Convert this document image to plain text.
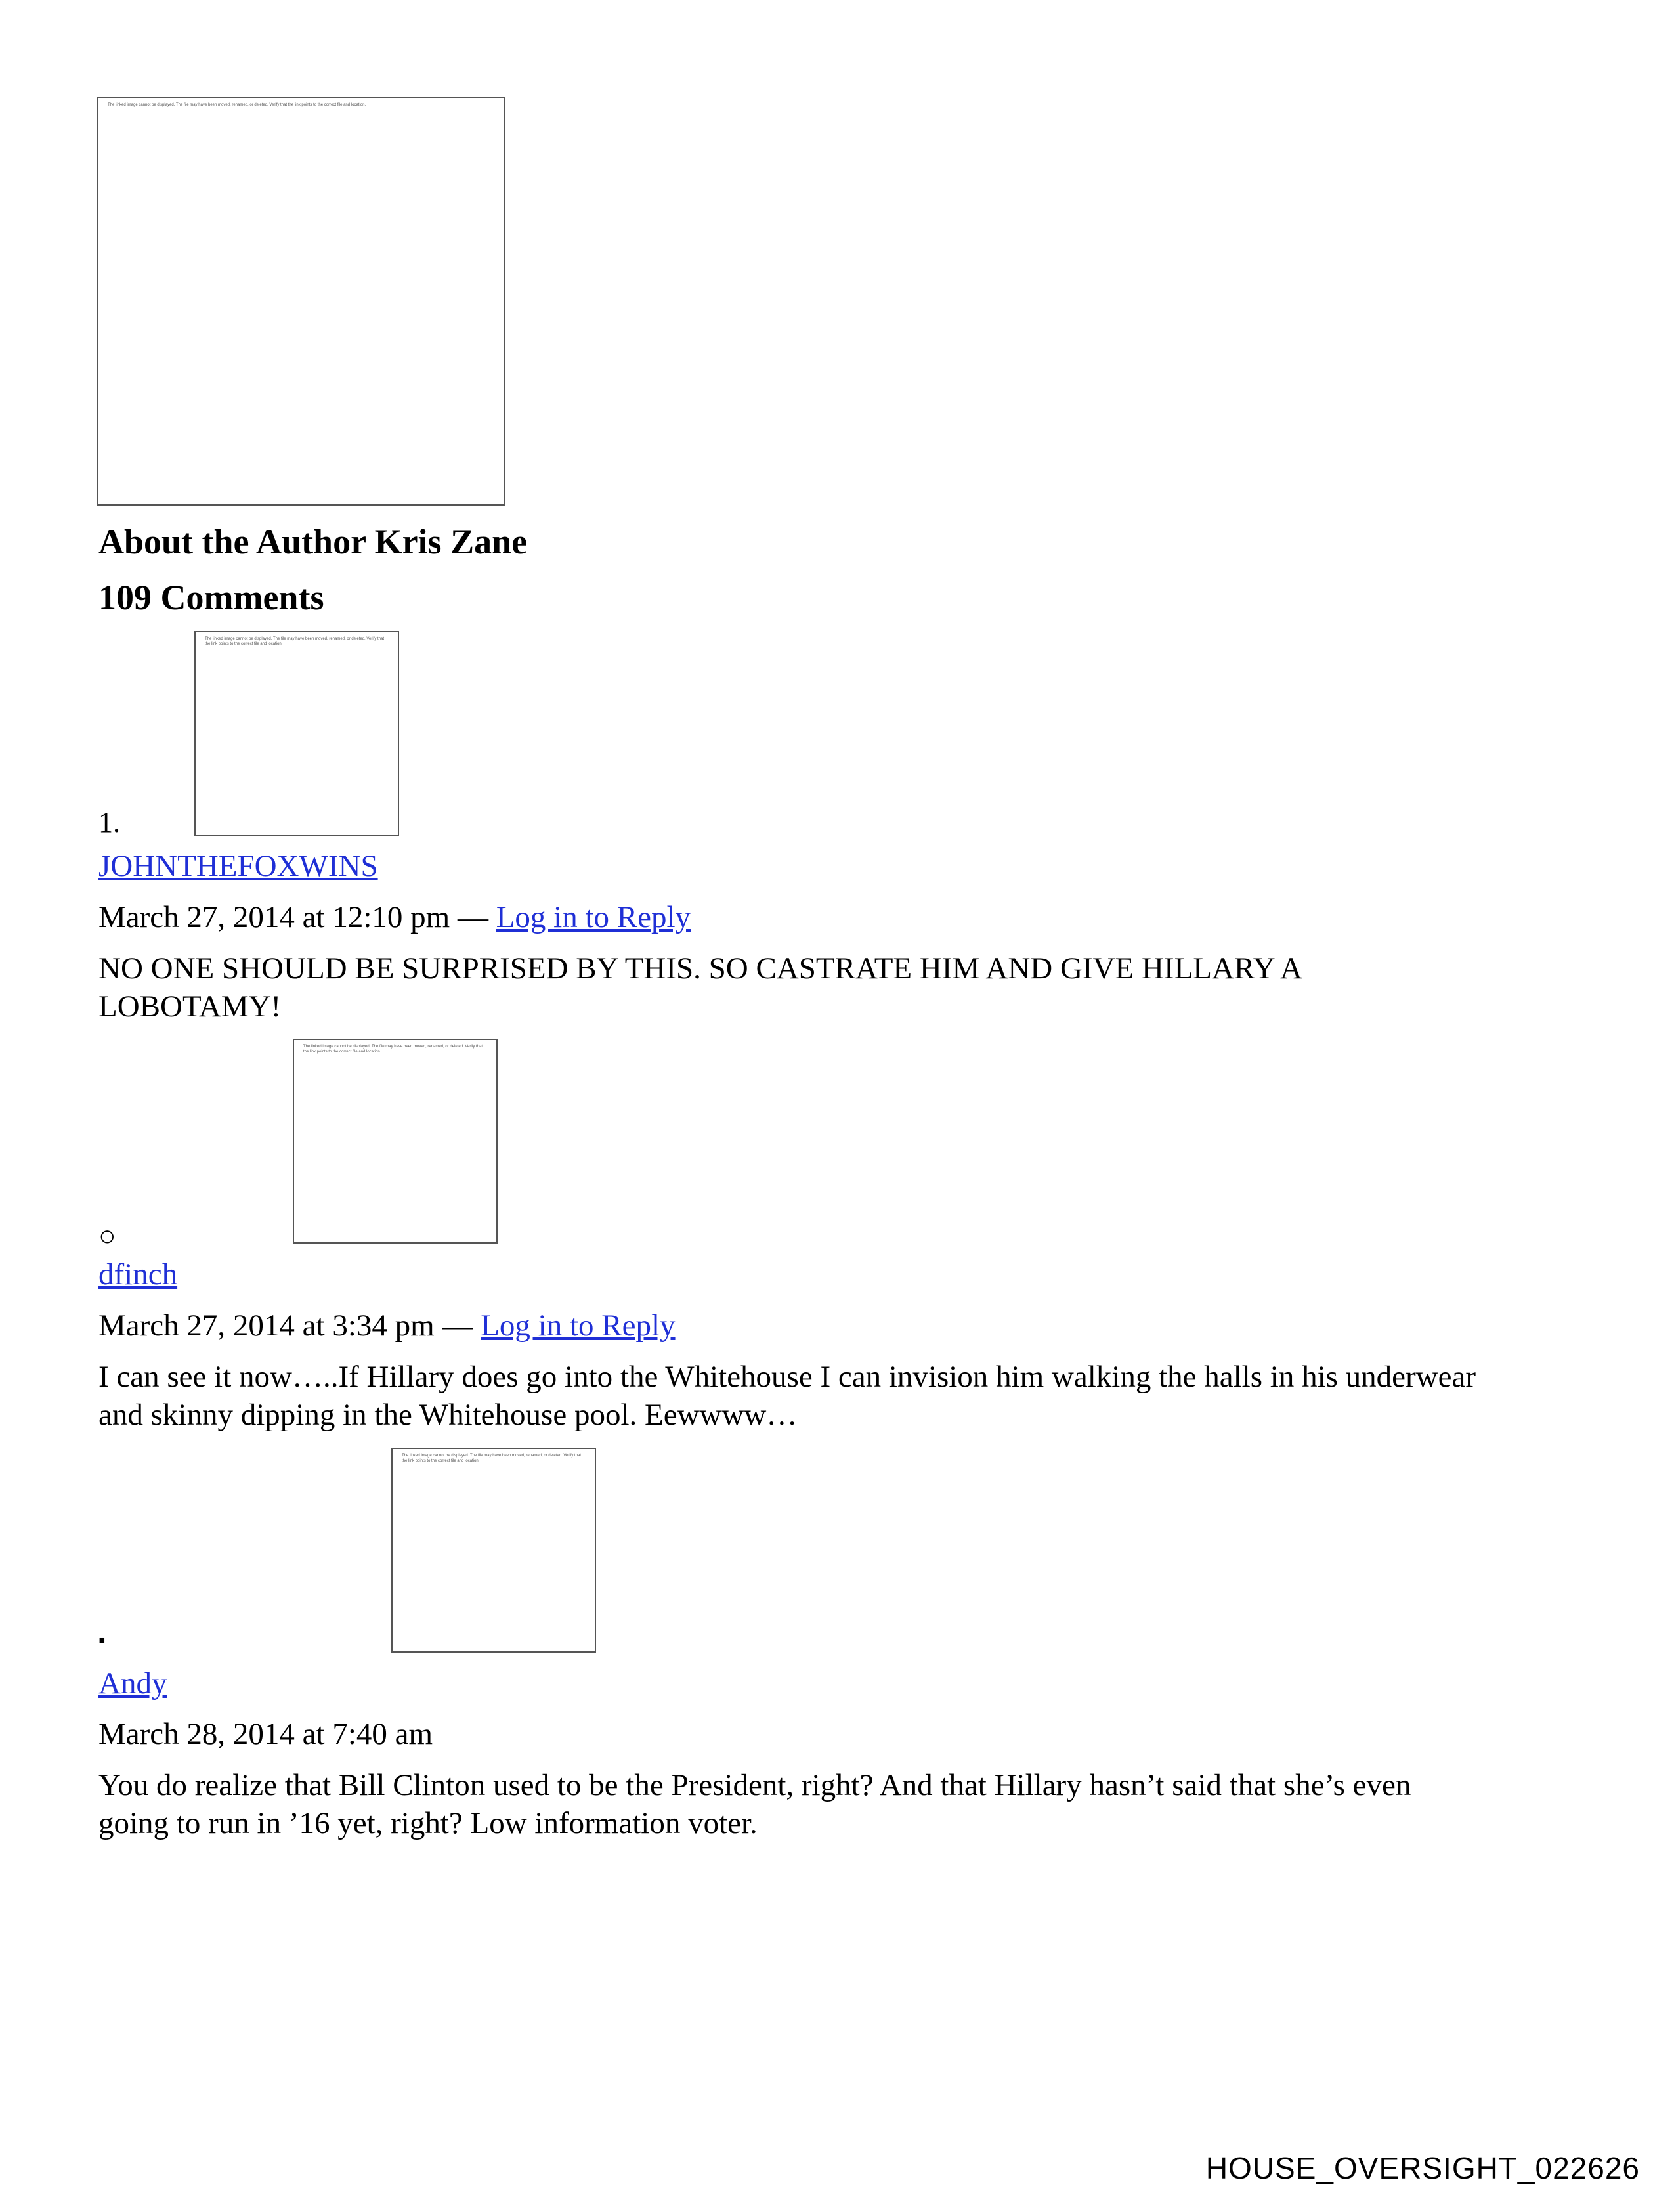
The linked image cannot be displayed. The file may have been moved, renamed, or deleted. Verify that the link points to the correct file and location.
About the Author Kris Zane
109 Comments
The linked image cannot be displayed. The file may have been moved, renamed, or deleted. Verify that the link points to the correct file and location.
1.
JOHNTHEFOXWINS
March 27, 2014 at 12:10 pm — Log in to Reply
NO ONE SHOULD BE SURPRISED BY THIS. SO CASTRATE HIM AND GIVE HILLARY A
LOBOTAMY!
The linked image cannot be displayed. The file may have been moved, renamed, or deleted. Verify that the link points to the correct file and location.
○
dfinch
March 27, 2014 at 3:34 pm — Log in to Reply
I can see it now…..If Hillary does go into the Whitehouse I can invision him walking the halls in his underwear
and skinny dipping in the Whitehouse pool. Eewwww…
The linked image cannot be displayed. The file may have been moved, renamed, or deleted. Verify that the link points to the correct file and location.
▪
Andy
March 28, 2014 at 7:40 am
You do realize that Bill Clinton used to be the President, right? And that Hillary hasn’t said that she’s even
going to run in ’16 yet, right? Low information voter.
HOUSE_OVERSIGHT_022626
